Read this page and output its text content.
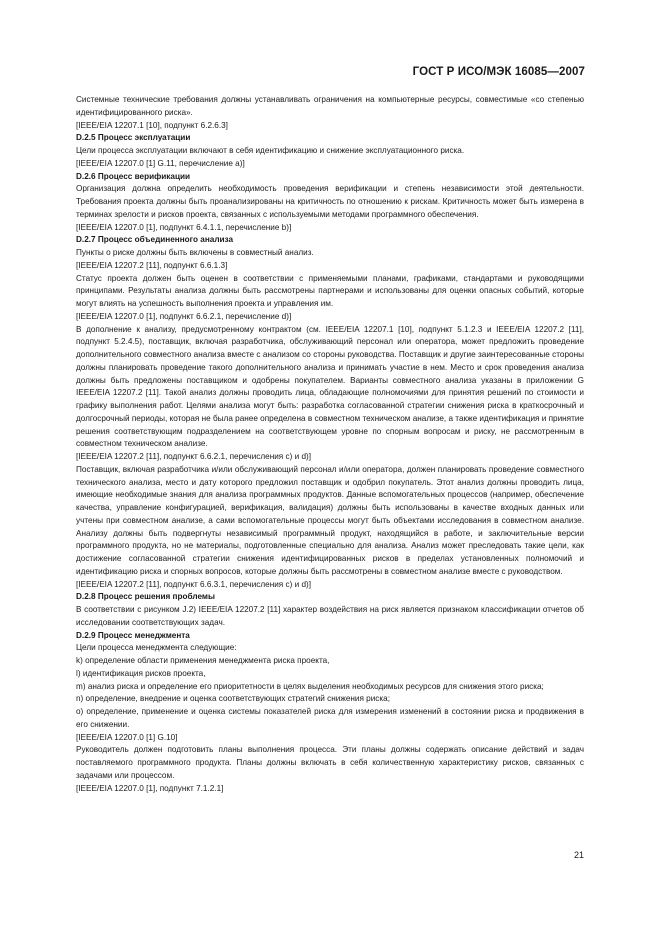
ГОСТ Р ИСО/МЭК 16085—2007

Системные технические требования должны устанавливать ограничения на компьютерные ресурсы, совместимые «со степенью идентифицированного риска».

[IEEE/EIA 12207.1 [10], подпункт 6.2.6.3]

D.2.5 Процесс эксплуатации

Цели процесса эксплуатации включают в себя идентификацию и снижение эксплуатационного риска.

[IEEE/EIA 12207.0 [1] G.11, перечисление a)]

D.2.6 Процесс верификации

Организация должна определить необходимость проведения верификации и степень независимости этой деятельности. Требования проекта должны быть проанализированы на критичность по отношению к рискам. Критичность может быть измерена в терминах зрелости и рисков проекта, связанных с используемыми методами программного обеспечения.

[IEEE/EIA 12207.0 [1], подпункт 6.4.1.1, перечисление b)]

D.2.7 Процесс объединенного анализа

Пункты о риске должны быть включены в совместный анализ.

[IEEE/EIA 12207.2 [11], подпункт 6.6.1.3]

Статус проекта должен быть оценен в соответствии с применяемыми планами, графиками, стандартами и руководящими принципами. Результаты анализа должны быть рассмотрены партнерами и использованы для оценки опасных событий, которые могут влиять на успешность выполнения проекта и управления им.

[IEEE/EIA 12207.0 [1], подпункт 6.6.2.1, перечисление d)]

В дополнение к анализу, предусмотренному контрактом (см. IEEE/EIA 12207.1 [10], подпункт 5.1.2.3 и IEEE/EIA 12207.2 [11], подпункт 5.2.4.5), поставщик, включая разработчика, обслуживающий персонал или оператора, может предложить проведение дополнительного совместного анализа вместе с анализом со стороны руководства. Поставщик и другие заинтересованные стороны должны планировать проведение такого дополнительного анализа и принимать участие в нем. Место и срок проведения анализа должны быть предложены поставщиком и одобрены покупателем. Варианты совместного анализа указаны в приложении G IEEE/EIA 12207.2 [11]. Такой анализ должны проводить лица, обладающие полномочиями для принятия решений по стоимости и графику выполнения работ. Целями анализа могут быть: разработка согласованной стратегии снижения риска в краткосрочный и долгосрочный периоды, которая не была ранее определена в совместном техническом анализе, а также идентификация и принятие решения соответствующим подразделением на соответствующем уровне по спорным вопросам и риску, не рассмотренным в совместном техническом анализе.

[IEEE/EIA 12207.2 [11], подпункт 6.6.2.1, перечисления c) и d)]

Поставщик, включая разработчика и/или обслуживающий персонал и/или оператора, должен планировать проведение совместного технического анализа, место и дату которого предложил поставщик и одобрил покупатель. Этот анализ должны проводить лица, имеющие необходимые знания для анализа программных продуктов. Данные вспомогательных процессов (например, обеспечение качества, управление конфигурацией, верификация, валидация) должны быть использованы в качестве входных данных или учтены при совместном анализе, а сами вспомогательные процессы могут быть объектами исследования в совместном анализе. Анализу должны быть подвергнуты независимый программный продукт, находящийся в работе, и заключительные версии программного продукта, но не материалы, подготовленные специально для анализа. Анализ может преследовать такие цели, как достижение согласованной стратегии снижения идентифицированных рисков в пределах установленных полномочий и идентификацию риска и спорных вопросов, которые должны быть рассмотрены в совместном анализе вместе с руководством.

[IEEE/EIA 12207.2 [11], подпункт 6.6.3.1, перечисления c) и d)]

D.2.8 Процесс решения проблемы

В соответствии с рисунком J.2) IEEE/EIA 12207.2 [11] характер воздействия на риск является признаком классификации отчетов об исследовании соответствующих задач.

D.2.9 Процесс менеджмента

Цели процесса менеджмента следующие:

k) определение области применения менеджмента риска проекта,

l) идентификация рисков проекта,

m) анализ риска и определение его приоритетности в целях выделения необходимых ресурсов для снижения этого риска;

n) определение, внедрение и оценка соответствующих стратегий снижения риска;

o) определение, применение и оценка системы показателей риска для измерения изменений в состоянии риска и продвижения в его снижении.

[IEEE/EIA 12207.0 [1] G.10]

Руководитель должен подготовить планы выполнения процесса. Эти планы должны содержать описание действий и задач поставляемого программного продукта. Планы должны включать в себя количественную характеристику рисков, связанных с задачами или процессом.

[IEEE/EIA 12207.0 [1], подпункт 7.1.2.1]

21
